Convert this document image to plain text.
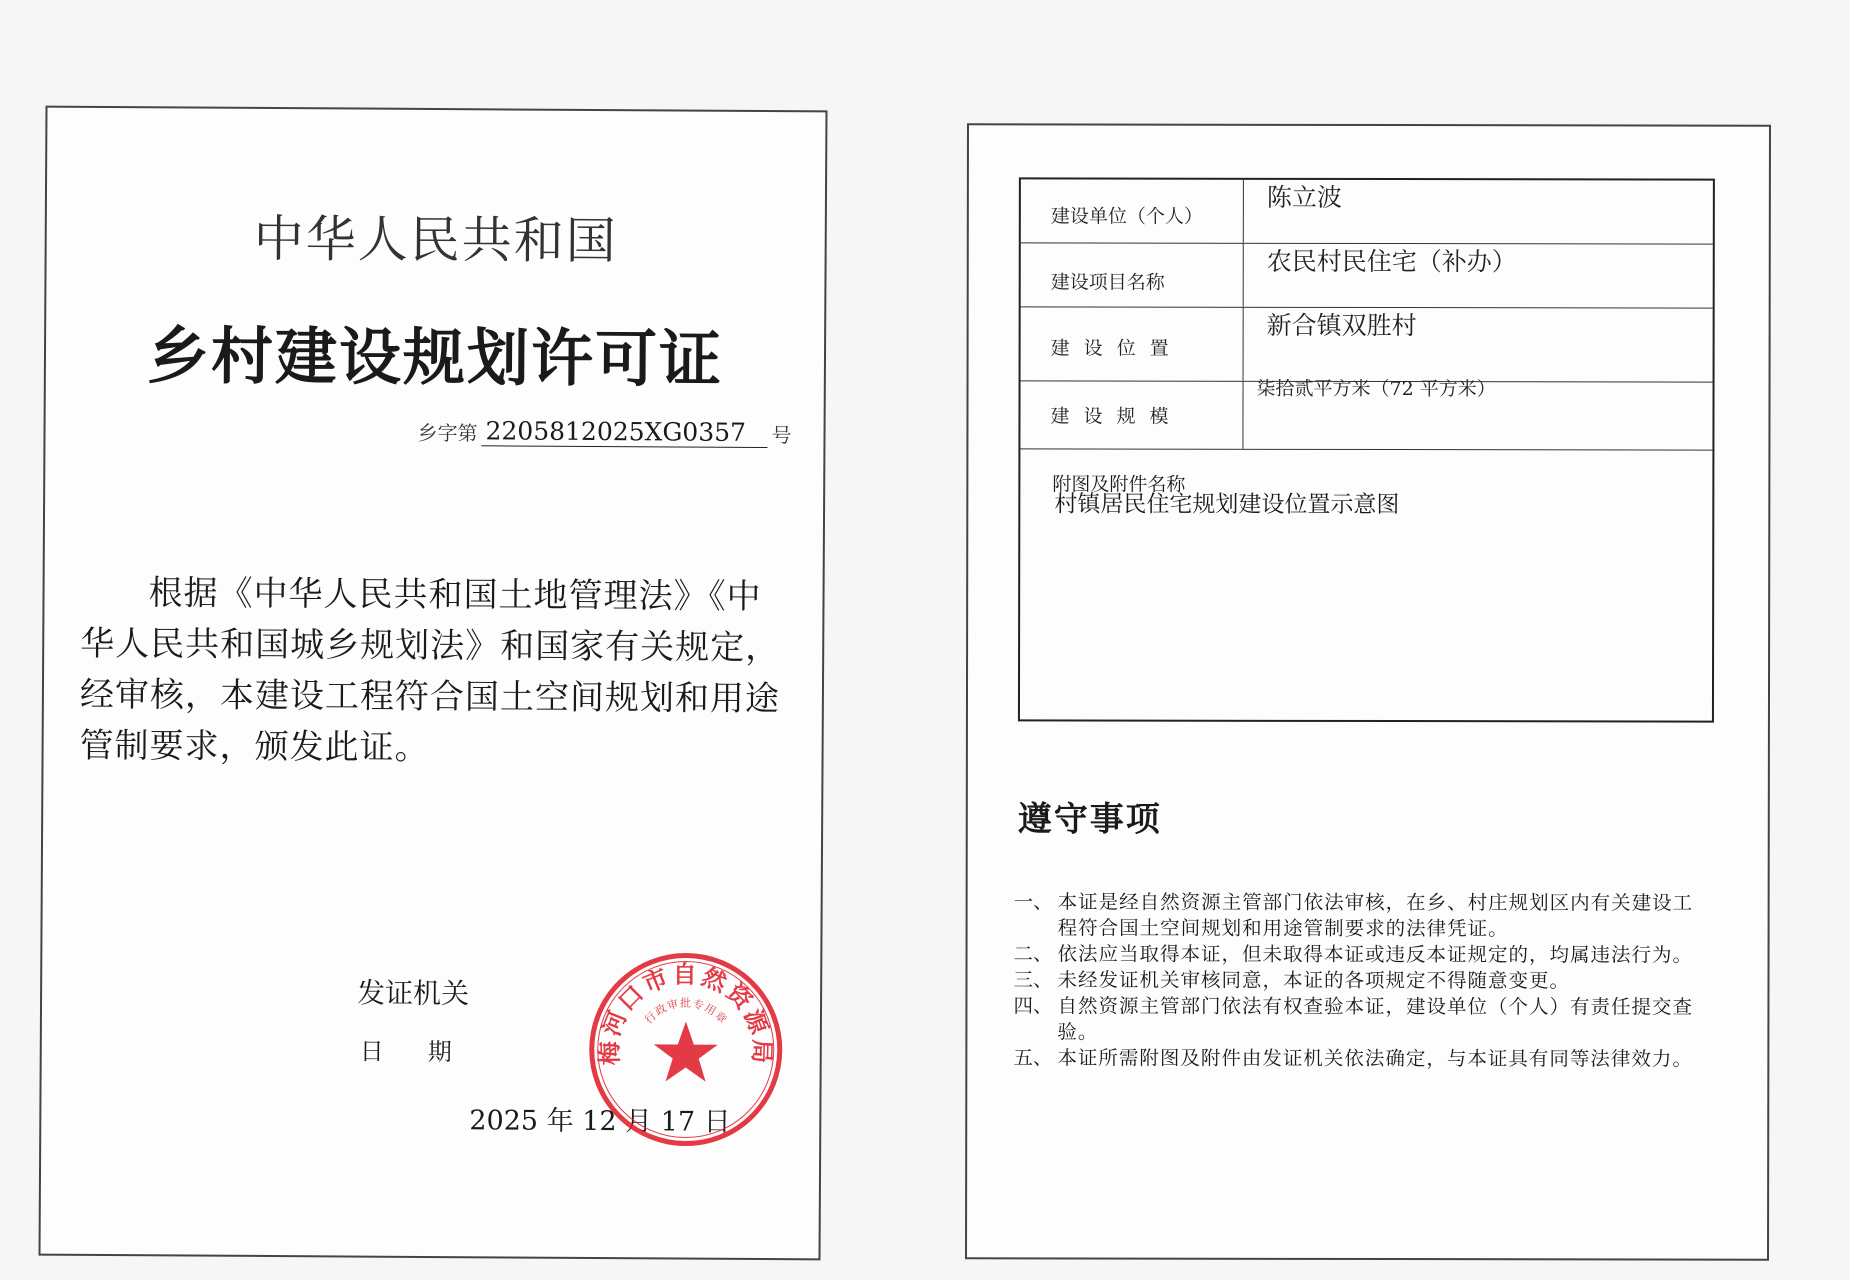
中华人民共和国
乡村建设规划许可证
乡字第 2205812025XG0357	号
根据《中华人民共和国土地管理法》《中华人民共和国城乡规划法》和国家有关规定，经审核，本建设工程符合国土空间规划和用途管制要求，颁发此证。
发证机关
日期
2025 年 12 月 17 日
梅河口市自然资源局
行政审批专用章
建设单位（个人）
陈立波
建设项目名称
农民村民住宅（补办）
建设位置
新合镇双胜村
建设规模
柒拾贰平方米（72 平方米）
附图及附件名称
村镇居民住宅规划建设位置示意图
遵守事项
一、 本证是经自然资源主管部门依法审核，在乡、村庄规划区内有关建设工程符合国土空间规划和用途管制要求的法律凭证。
二、 依法应当取得本证，但未取得本证或违反本证规定的，均属违法行为。
三、 未经发证机关审核同意，本证的各项规定不得随意变更。
四、 自然资源主管部门依法有权查验本证，建设单位（个人）有责任提交查验。
五、 本证所需附图及附件由发证机关依法确定，与本证具有同等法律效力。
